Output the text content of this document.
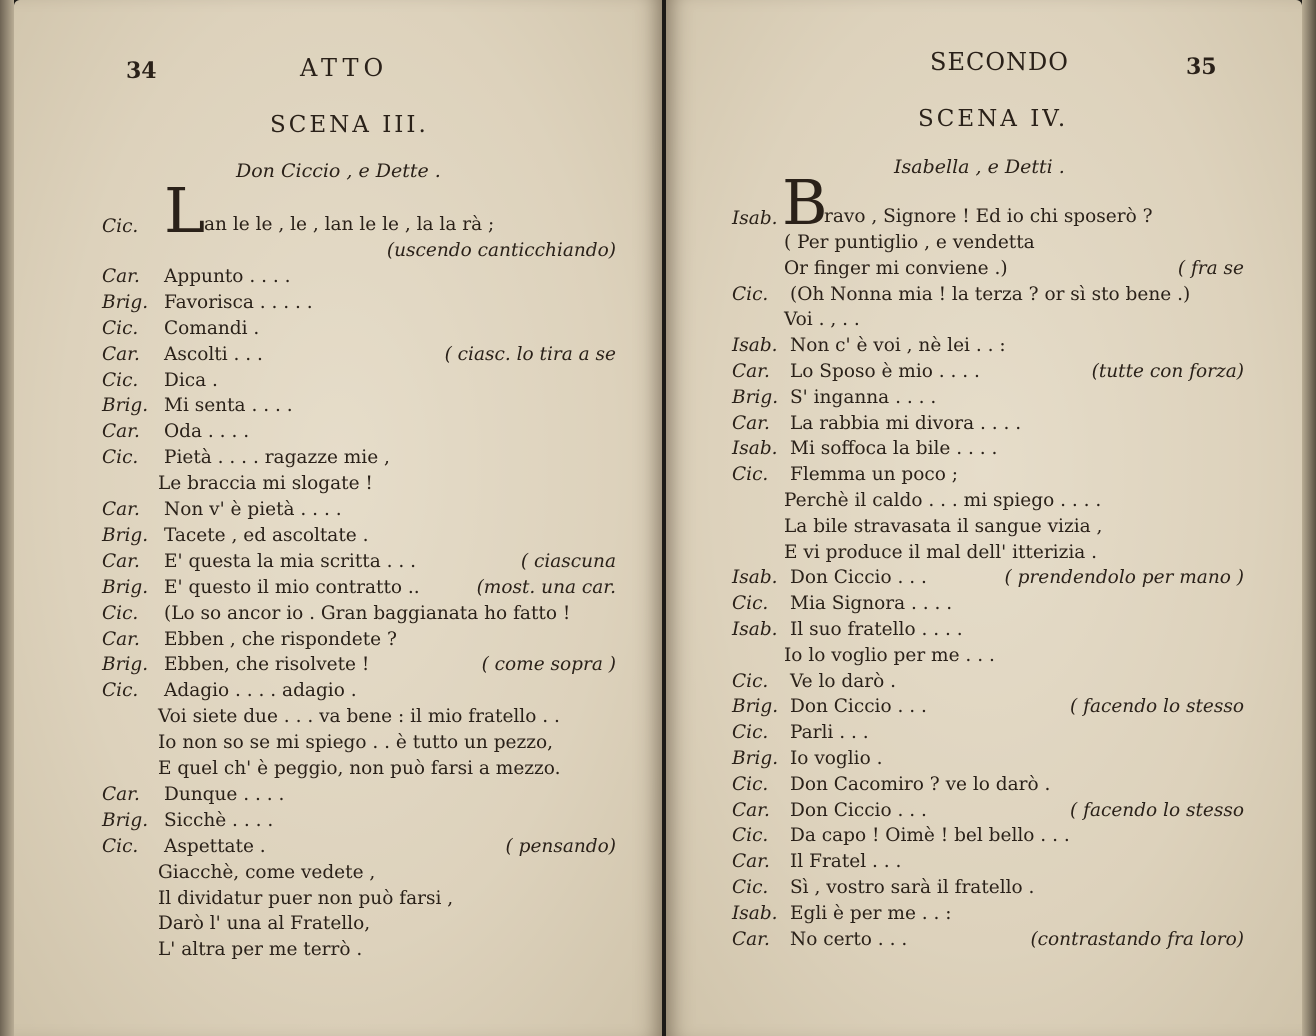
34	ATTO
SCENA III.
Don Ciccio , e Dette .
Cic. L
an le le , le , lan le le , la la rà ;
(uscendo canticchiando)
Car. Appunto . . . .
Brig. Favorisca . . . . .
Cic. Comandi .
Car. Ascolti . . .	( ciasc. lo tira a se
Cic. Dica .
Brig. Mi senta . . . .
Car. Oda . . . .
Cic. Pietà . . . . ragazze mie ,
Le braccia mi slogate !
Car. Non v' è pietà . . . .
Brig. Tacete , ed ascoltate .
Car. E' questa la mia scritta . . .	( ciascuna
Brig. E' questo il mio contratto ..	(most. una car.
Cic. (Lo so ancor io . Gran baggianata ho fatto !
Car. Ebben , che rispondete ?
Brig. Ebben, che risolvete !	( come sopra )
Cic. Adagio . . . . adagio .
Voi siete due . . . va bene : il mio fratello . .
Io non so se mi spiego . . è tutto un pezzo,
E quel ch' è peggio, non può farsi a mezzo.
Car. Dunque . . . .
Brig. Sicchè . . . .
Cic. Aspettate .	( pensando)
Giacchè, come vedete ,
Il dividatur puer non può farsi ,
Darò l' una al Fratello,
L' altra per me terrò .
SECONDO	35
SCENA IV.
Isabella , e Detti .
Isab. B
ravo , Signore ! Ed io chi sposerò ?
( Per puntiglio , e vendetta
Or finger mi conviene .)	( fra se
Cic. (Oh Nonna mia ! la terza ? or sì sto bene .)
Voi . , . .
Isab. Non c' è voi , nè lei . . :
Car. Lo Sposo è mio . . . .	(tutte con forza)
Brig. S' inganna . . . .
Car. La rabbia mi divora . . . .
Isab. Mi soffoca la bile . . . .
Cic. Flemma un poco ;
Perchè il caldo . . . mi spiego . . . .
La bile stravasata il sangue vizia ,
E vi produce il mal dell' itterizia .
Isab. Don Ciccio . . .	( prendendolo per mano )
Cic. Mia Signora . . . .
Isab. Il suo fratello . . . .
Io lo voglio per me . . .
Cic. Ve lo darò .
Brig. Don Ciccio . . .	( facendo lo stesso
Cic. Parli . . .
Brig. Io voglio .
Cic. Don Cacomiro ? ve lo darò .
Car. Don Ciccio . . .	( facendo lo stesso
Cic. Da capo ! Oimè ! bel bello . . .
Car. Il Fratel . . .
Cic. Sì , vostro sarà il fratello .
Isab. Egli è per me . . :
Car. No certo . . .	(contrastando fra loro)
